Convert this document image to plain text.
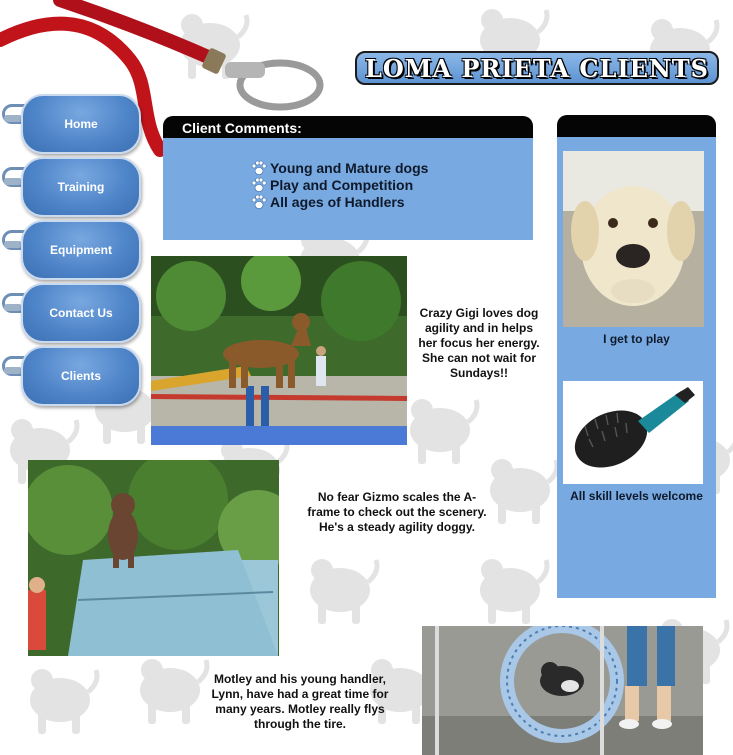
LOMA PRIETA CLIENTS
Home
Training
Equipment
Contact Us
Clients
Client Comments:
Young and Mature dogs
Play and Competition
All ages of Handlers
I get to play
All skill levels welcome
Crazy Gigi loves dog agility and in helps her focus her energy. She can not wait for Sundays!!
No fear Gizmo scales the A-frame to check out the scenery. He's a steady agility doggy.
Motley and his young handler, Lynn, have had a great time for many years. Motley really flys through the tire.
